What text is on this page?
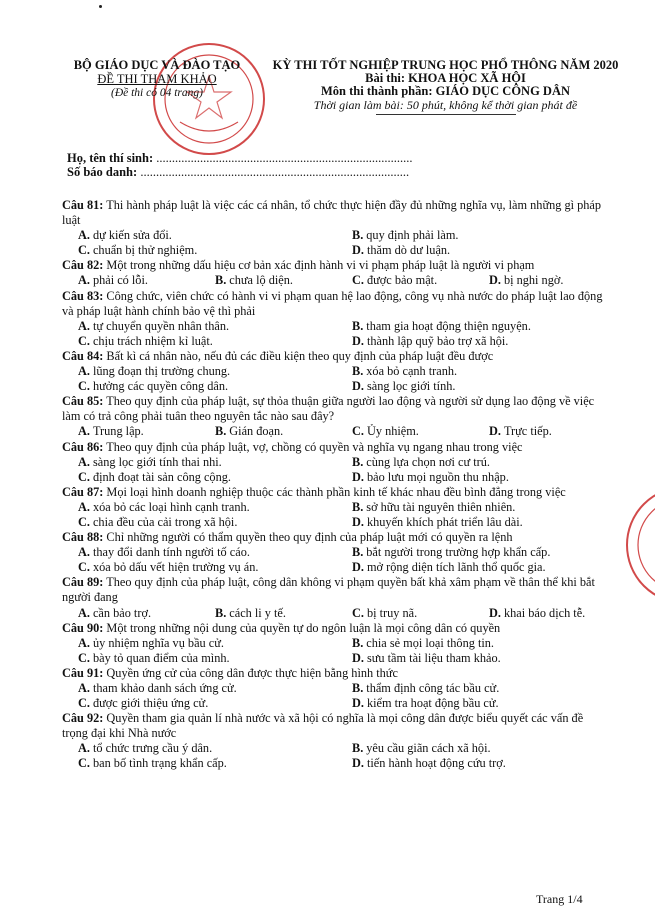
BỘ GIÁO DỤC VÀ ĐÀO TẠO
ĐỀ THI THAM KHẢO
(Đề thi có 04 trang)
KỲ THI TỐT NGHIỆP TRUNG HỌC PHỔ THÔNG NĂM 2020
Bài thi: KHOA HỌC XÃ HỘI
Môn thi thành phần: GIÁO DỤC CÔNG DÂN
Thời gian làm bài: 50 phút, không kể thời gian phát đề
Họ, tên thí sinh: ..................................................................................
Số báo danh: ......................................................................................
Câu 81: Thi hành pháp luật là việc các cá nhân, tổ chức thực hiện đầy đủ những nghĩa vụ, làm những gì pháp luật
A. dự kiến sửa đổi.	B. quy định phải làm.
C. chuẩn bị thử nghiệm.	D. thăm dò dư luận.
Câu 82: Một trong những dấu hiệu cơ bản xác định hành vi vi phạm pháp luật là người vi phạm
A. phải có lỗi.	B. chưa lộ diện.	C. được bảo mật.	D. bị nghi ngờ.
Câu 83: Công chức, viên chức có hành vi vi phạm quan hệ lao động, công vụ nhà nước do pháp luật lao động và pháp luật hành chính bảo vệ thì phải
A. tự chuyển quyền nhân thân.	B. tham gia hoạt động thiện nguyện.
C. chịu trách nhiệm kỉ luật.	D. thành lập quỹ bảo trợ xã hội.
Câu 84: Bất kì cá nhân nào, nếu đủ các điều kiện theo quy định của pháp luật đều được
A. lũng đoạn thị trường chung.	B. xóa bỏ cạnh tranh.
C. hưởng các quyền công dân.	D. sàng lọc giới tính.
Câu 85: Theo quy định của pháp luật, sự thỏa thuận giữa người lao động và người sử dụng lao động về việc làm có trả công phải tuân theo nguyên tắc nào sau đây?
A. Trung lập.	B. Gián đoạn.	C. Ủy nhiệm.	D. Trực tiếp.
Câu 86: Theo quy định của pháp luật, vợ, chồng có quyền và nghĩa vụ ngang nhau trong việc
A. sàng lọc giới tính thai nhi.	B. cùng lựa chọn nơi cư trú.
C. định đoạt tài sản công cộng.	D. bảo lưu mọi nguồn thu nhập.
Câu 87: Mọi loại hình doanh nghiệp thuộc các thành phần kinh tế khác nhau đều bình đẳng trong việc
A. xóa bỏ các loại hình cạnh tranh.	B. sở hữu tài nguyên thiên nhiên.
C. chia đều của cải trong xã hội.	D. khuyến khích phát triển lâu dài.
Câu 88: Chỉ những người có thẩm quyền theo quy định của pháp luật mới có quyền ra lệnh
A. thay đổi danh tính người tố cáo.	B. bắt người trong trường hợp khẩn cấp.
C. xóa bỏ dấu vết hiện trường vụ án.	D. mở rộng diện tích lãnh thổ quốc gia.
Câu 89: Theo quy định của pháp luật, công dân không vi phạm quyền bất khả xâm phạm về thân thể khi bắt người đang
A. cần bảo trợ.	B. cách li y tế.	C. bị truy nã.	D. khai báo dịch tễ.
Câu 90: Một trong những nội dung của quyền tự do ngôn luận là mọi công dân có quyền
A. ủy nhiệm nghĩa vụ bầu cử.	B. chia sẻ mọi loại thông tin.
C. bày tỏ quan điểm của mình.	D. sưu tầm tài liệu tham khảo.
Câu 91: Quyền ứng cử của công dân được thực hiện bằng hình thức
A. tham khảo danh sách ứng cử.	B. thẩm định công tác bầu cử.
C. được giới thiệu ứng cử.	D. kiểm tra hoạt động bầu cử.
Câu 92: Quyền tham gia quản lí nhà nước và xã hội có nghĩa là mọi công dân được biểu quyết các vấn đề trọng đại khi Nhà nước
A. tổ chức trưng cầu ý dân.	B. yêu cầu giãn cách xã hội.
C. ban bố tình trạng khẩn cấp.	D. tiến hành hoạt động cứu trợ.
Trang 1/4
